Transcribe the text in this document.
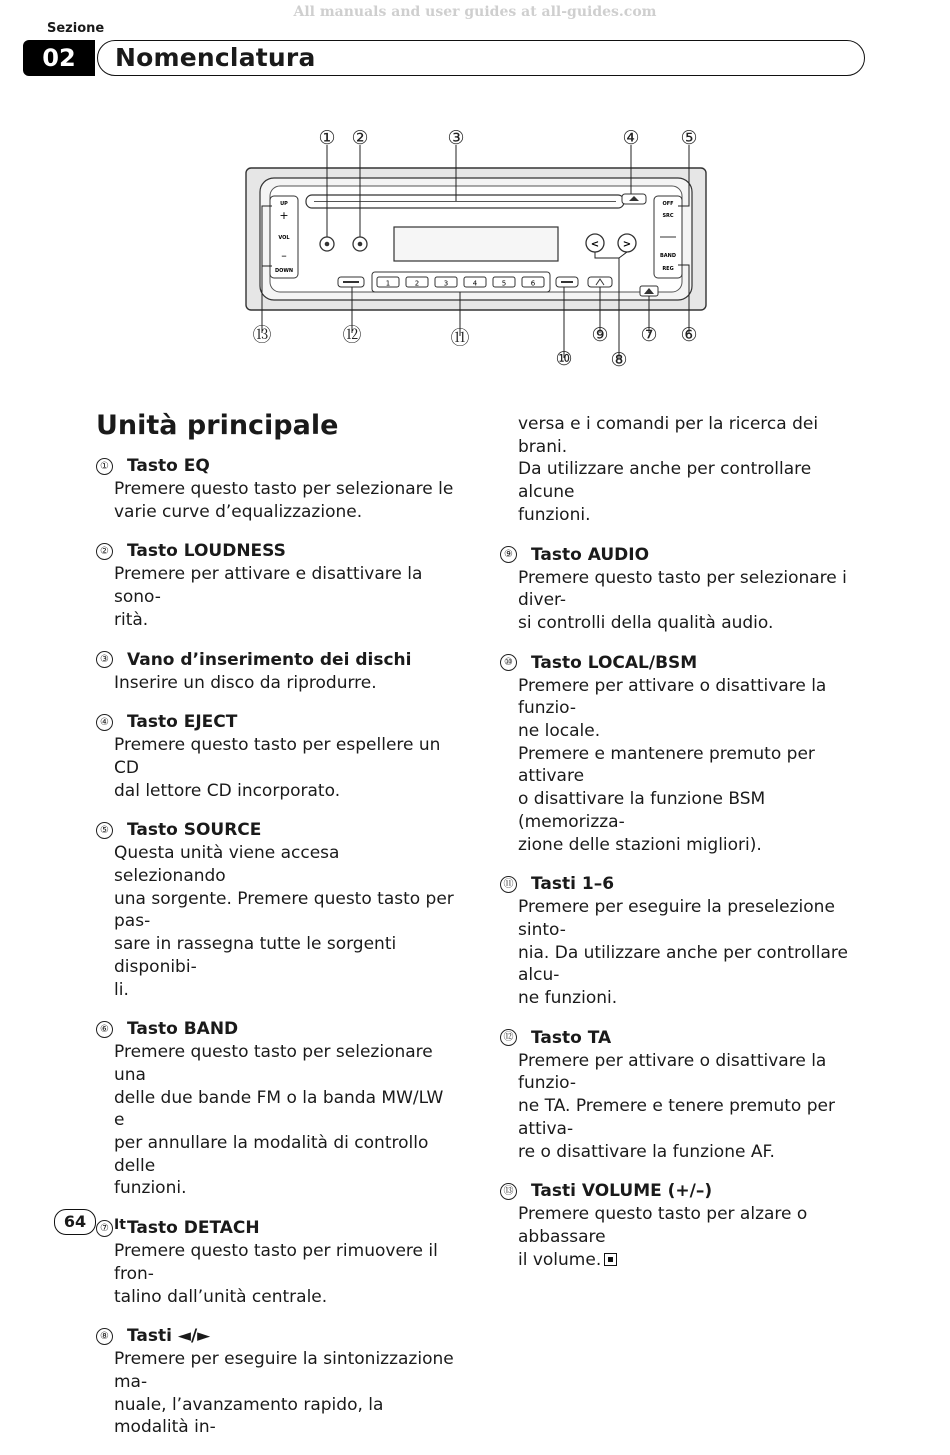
All manuals and user guides at all-guides.com
Sezione
02	Nomenclatura
UP
+
VOL
–
DOWN
OFF
SRC
BAND
REG
< >
1	2	3	4	5	6
① ②	③	④ ⑤
⑬	⑫	⑪
⑩
⑨
⑧
⑦ ⑥
Unità principale
① Tasto EQ
Premere questo tasto per selezionare le
varie curve d’equalizzazione.
② Tasto LOUDNESS
Premere per attivare e disattivare la sono-
rità.
③ Vano d’inserimento dei dischi
Inserire un disco da riprodurre.
④ Tasto EJECT
Premere questo tasto per espellere un CD
dal lettore CD incorporato.
⑤ Tasto SOURCE
Questa unità viene accesa selezionando
una sorgente. Premere questo tasto per pas-
sare in rassegna tutte le sorgenti disponibi-
li.
⑥ Tasto BAND
Premere questo tasto per selezionare una
delle due bande FM o la banda MW/LW e
per annullare la modalità di controllo delle
funzioni.
⑦ Tasto DETACH
Premere questo tasto per rimuovere il fron-
talino dall’unità centrale.
⑧ Tasti ◄/►
Premere per eseguire la sintonizzazione ma-
nuale, l’avanzamento rapido, la modalità in-
versa e i comandi per la ricerca dei brani.
Da utilizzare anche per controllare alcune
funzioni.
⑨ Tasto AUDIO
Premere questo tasto per selezionare i diver-
si controlli della qualità audio.
⑩ Tasto LOCAL/BSM
Premere per attivare o disattivare la funzio-
ne locale.
Premere e mantenere premuto per attivare
o disattivare la funzione BSM (memorizza-
zione delle stazioni migliori).
⑪ Tasti 1–6
Premere per eseguire la preselezione sinto-
nia. Da utilizzare anche per controllare alcu-
ne funzioni.
⑫ Tasto TA
Premere per attivare o disattivare la funzio-
ne TA. Premere e tenere premuto per attiva-
re o disattivare la funzione AF.
⑬ Tasti VOLUME (+/–)
Premere questo tasto per alzare o abbassare
il volume.
64	It
